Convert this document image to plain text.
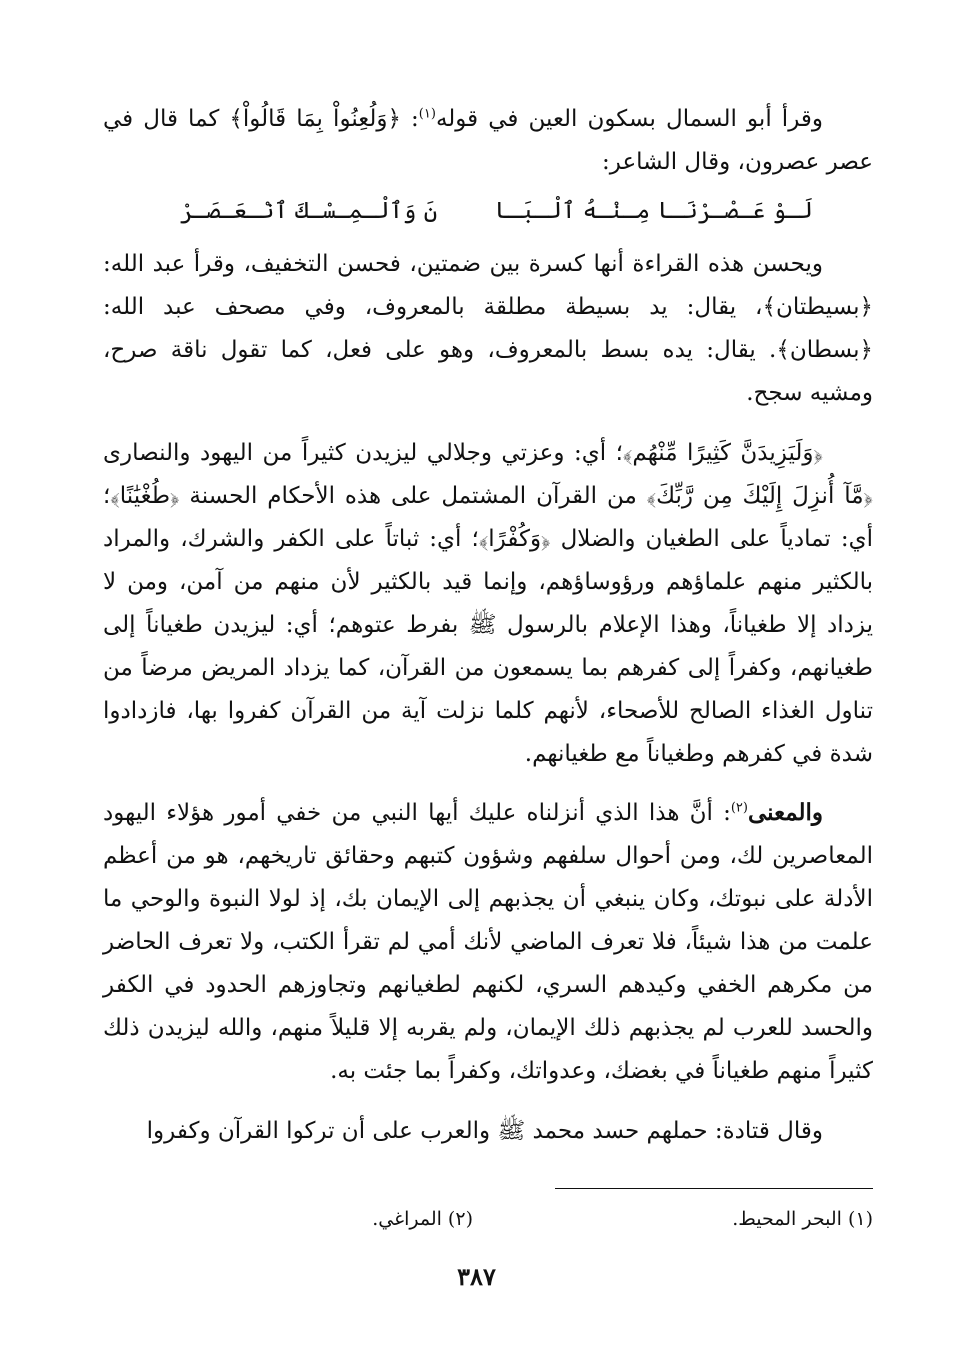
وقرأ أبو السمال بسكون العين في قوله$^{(١)}$: ﴿وَلُعِنُواْ بِمَا قَالُواْ﴾ كما قال في عصر عصرون، وقال الشاعر:

لَـوْ عَـصْـرْنَـا مِـنْـهُ ٱلْـبَـا
نَ وَٱلْـمِـسْـكَ ٱنْـعَـصَـرْ

ويحسن هذه القراءة أنها كسرة بين ضمتين، فحسن التخفيف، وقرأ عبد الله: ﴿بسيطتان﴾، يقال: يد بسيطة مطلقة بالمعروف، وفي مصحف عبد الله: ﴿بسطان﴾. يقال: يده بسط بالمعروف، وهو على فعل، كما تقول ناقة صرح، ومشيه سجح.

﴿وَلَيَزِيدَنَّ كَثِيرًا مِّنْهُم﴾؛ أي: وعزتي وجلالي ليزيدن كثيراً من اليهود والنصارى ﴿مَّآ أُنزِلَ إِلَيْكَ مِن رَّبِّكَ﴾ من القرآن المشتمل على هذه الأحكام الحسنة ﴿طُغْيَٰنًا﴾؛ أي: تمادياً على الطغيان والضلال ﴿وَكُفْرًا﴾؛ أي: ثباتاً على الكفر والشرك، والمراد بالكثير منهم علماؤهم ورؤوساؤهم، وإنما قيد بالكثير لأن منهم من آمن، ومن لا يزداد إلا طغياناً، وهذا الإعلام بالرسول ﷺ بفرط عتوهم؛ أي: ليزيدن طغياناً إلى طغيانهم، وكفراً إلى كفرهم بما يسمعون من القرآن، كما يزداد المريض مرضاً من تناول الغذاء الصالح للأصحاء، لأنهم كلما نزلت آية من القرآن كفروا بها، فازدادوا شدة في كفرهم وطغياناً مع طغيانهم.

والمعنى$^{(٢)}$: أنَّ هذا الذي أنزلناه عليك أيها النبي من خفي أمور هؤلاء اليهود المعاصرين لك، ومن أحوال سلفهم وشؤون كتبهم وحقائق تاريخهم، هو من أعظم الأدلة على نبوتك، وكان ينبغي أن يجذبهم إلى الإيمان بك، إذ لولا النبوة والوحي ما علمت من هذا شيئاً، فلا تعرف الماضي لأنك أمي لم تقرأ الكتب، ولا تعرف الحاضر من مكرهم الخفي وكيدهم السري، لكنهم لطغيانهم وتجاوزهم الحدود في الكفر والحسد للعرب لم يجذبهم ذلك الإيمان، ولم يقربه إلا قليلاً منهم، والله ليزيدن ذلك كثيراً منهم طغياناً في بغضك، وعدواتك، وكفراً بما جئت به.

وقال قتادة: حملهم حسد محمد ﷺ والعرب على أن تركوا القرآن وكفروا

(١) البحر المحيط.
(٢) المراغي.
٣٨٧
